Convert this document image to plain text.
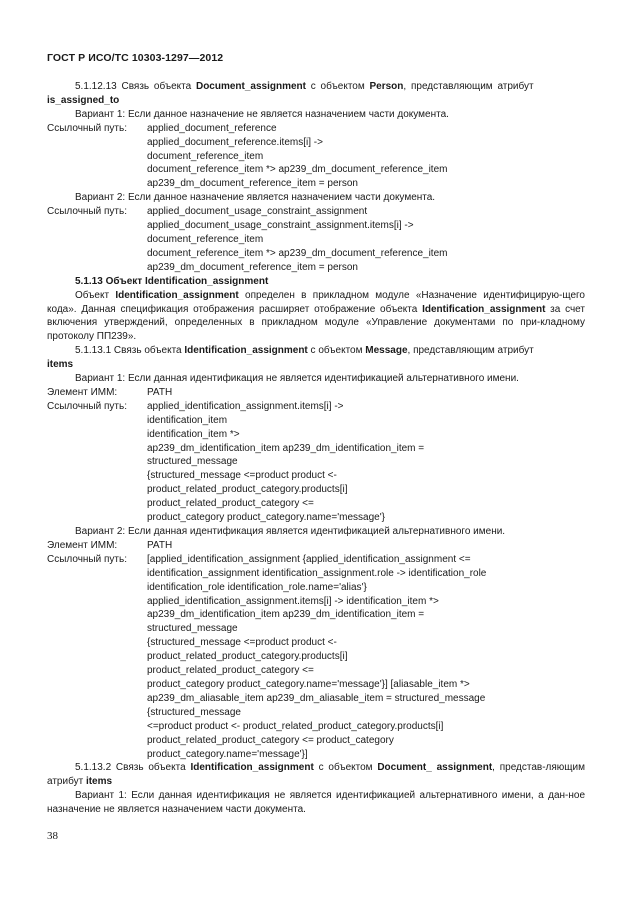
ГОСТ Р ИСО/ТС 10303-1297—2012
5.1.12.13 Связь объекта Document_assignment с объектом Person, представляющим атрибут
is_assigned_to
Вариант 1: Если данное назначение не является назначением части документа.
Ссылочный путь:	applied_document_reference
applied_document_reference.items[i] ->
document_reference_item
document_reference_item *> ap239_dm_document_reference_item
ap239_dm_document_reference_item = person
Вариант 2: Если данное назначение является назначением части документа.
Ссылочный путь:	applied_document_usage_constraint_assignment
applied_document_usage_constraint_assignment.items[i] ->
document_reference_item
document_reference_item *> ap239_dm_document_reference_item
ap239_dm_document_reference_item = person
5.1.13 Объект Identification_assignment
Объект Identification_assignment определен в прикладном модуле «Назначение идентифицирую-щего кода». Данная спецификация отображения расширяет отображение объекта Identification_assignment за счет включения утверждений, определенных в прикладном модуле «Управление документами по при-кладному протоколу ПП239».
5.1.13.1 Связь объекта Identification_assignment с объектом Message, представляющим атрибут
items
Вариант 1: Если данная идентификация не является идентификацией альтернативного имени.
Элемент ИММ:	PATH
Ссылочный путь:	applied_identification_assignment.items[i] ->
identification_item
identification_item *>
ap239_dm_identification_item ap239_dm_identification_item =
structured_message
{structured_message <=product product <-
product_related_product_category.products[i]
product_related_product_category <=
product_category product_category.name='message'}
Вариант 2: Если данная идентификация является идентификацией альтернативного имени.
Элемент ИММ:	PATH
Ссылочный путь:	[applied_identification_assignment {applied_identification_assignment <=
identification_assignment identification_assignment.role -> identification_role
identification_role identification_role.name='alias'}
applied_identification_assignment.items[i] -> identification_item *>
ap239_dm_identification_item ap239_dm_identification_item =
structured_message
{structured_message <=product product <-
product_related_product_category.products[i]
product_related_product_category <=
product_category product_category.name='message'}] [aliasable_item *>
ap239_dm_aliasable_item ap239_dm_aliasable_item = structured_message
{structured_message
<=product product <- product_related_product_category.products[i]
product_related_product_category <= product_category
product_category.name='message'}]
5.1.13.2 Связь объекта Identification_assignment с объектом Document_ assignment, представ-ляющим атрибут items
Вариант 1: Если данная идентификация не является идентификацией альтернативного имени, а дан-ное назначение не является назначением части документа.
38
